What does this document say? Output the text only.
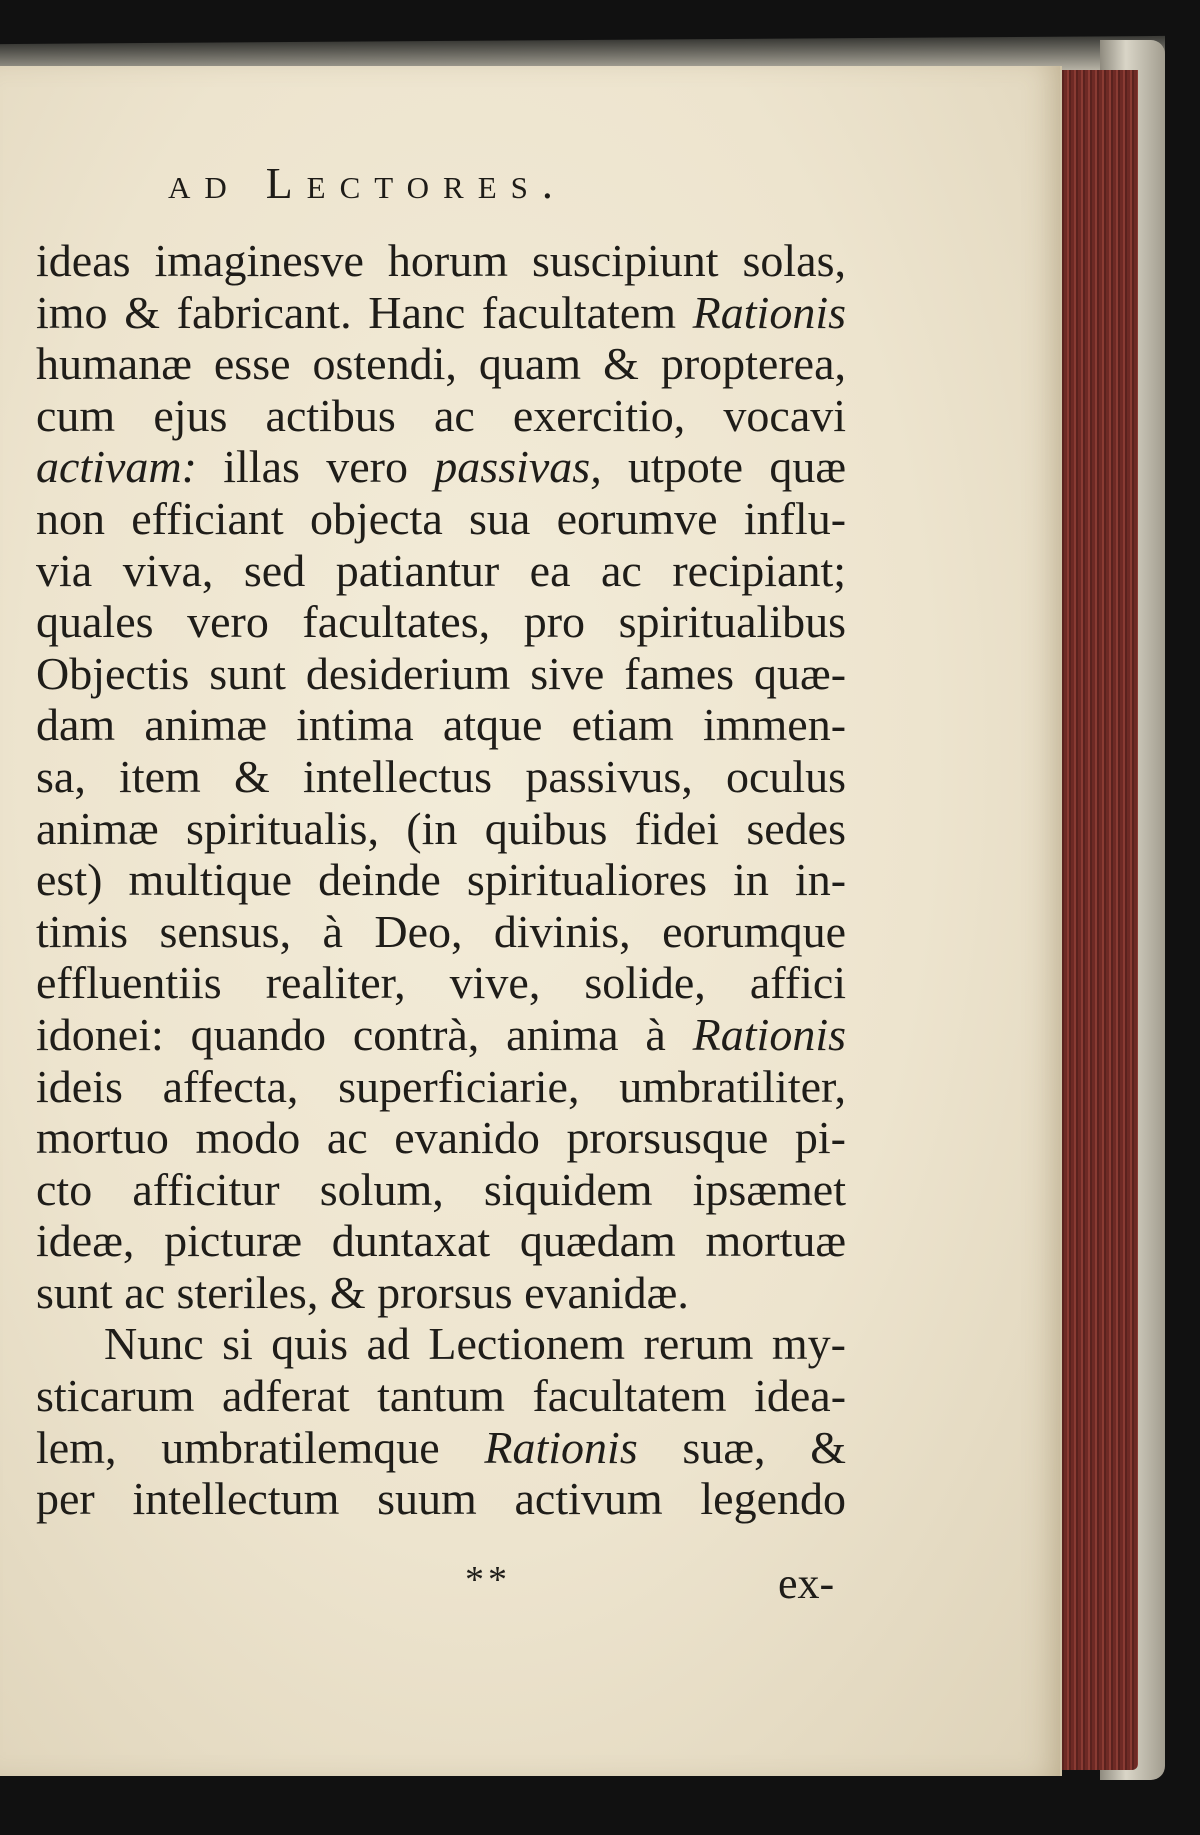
ad Lectores.
ideas imaginesve horum suscipiunt solas,
imo & fabricant. Hanc facultatem Rationis
humanæ esse ostendi, quam & propterea,
cum ejus actibus ac exercitio, vocavi
activam: illas vero passivas, utpote quæ
non efficiant objecta sua eorumve influ-
via viva, sed patiantur ea ac recipiant;
quales vero facultates, pro spiritualibus
Objectis sunt desiderium sive fames quæ-
dam animæ intima atque etiam immen-
sa, item & intellectus passivus, oculus
animæ spiritualis, (in quibus fidei sedes
est) multique deinde spiritualiores in in-
timis sensus, à Deo, divinis, eorumque
effluentiis realiter, vive, solide, affici
idonei: quando contrà, anima à Rationis
ideis affecta, superficiarie, umbratiliter,
mortuo modo ac evanido prorsusque pi-
cto afficitur solum, siquidem ipsæmet
ideæ, picturæ duntaxat quædam mortuæ
sunt ac steriles, & prorsus evanidæ.
Nunc si quis ad Lectionem rerum my-
sticarum adferat tantum facultatem idea-
lem, umbratilemque Rationis suæ, &
per intellectum suum activum legendo
**	ex-
